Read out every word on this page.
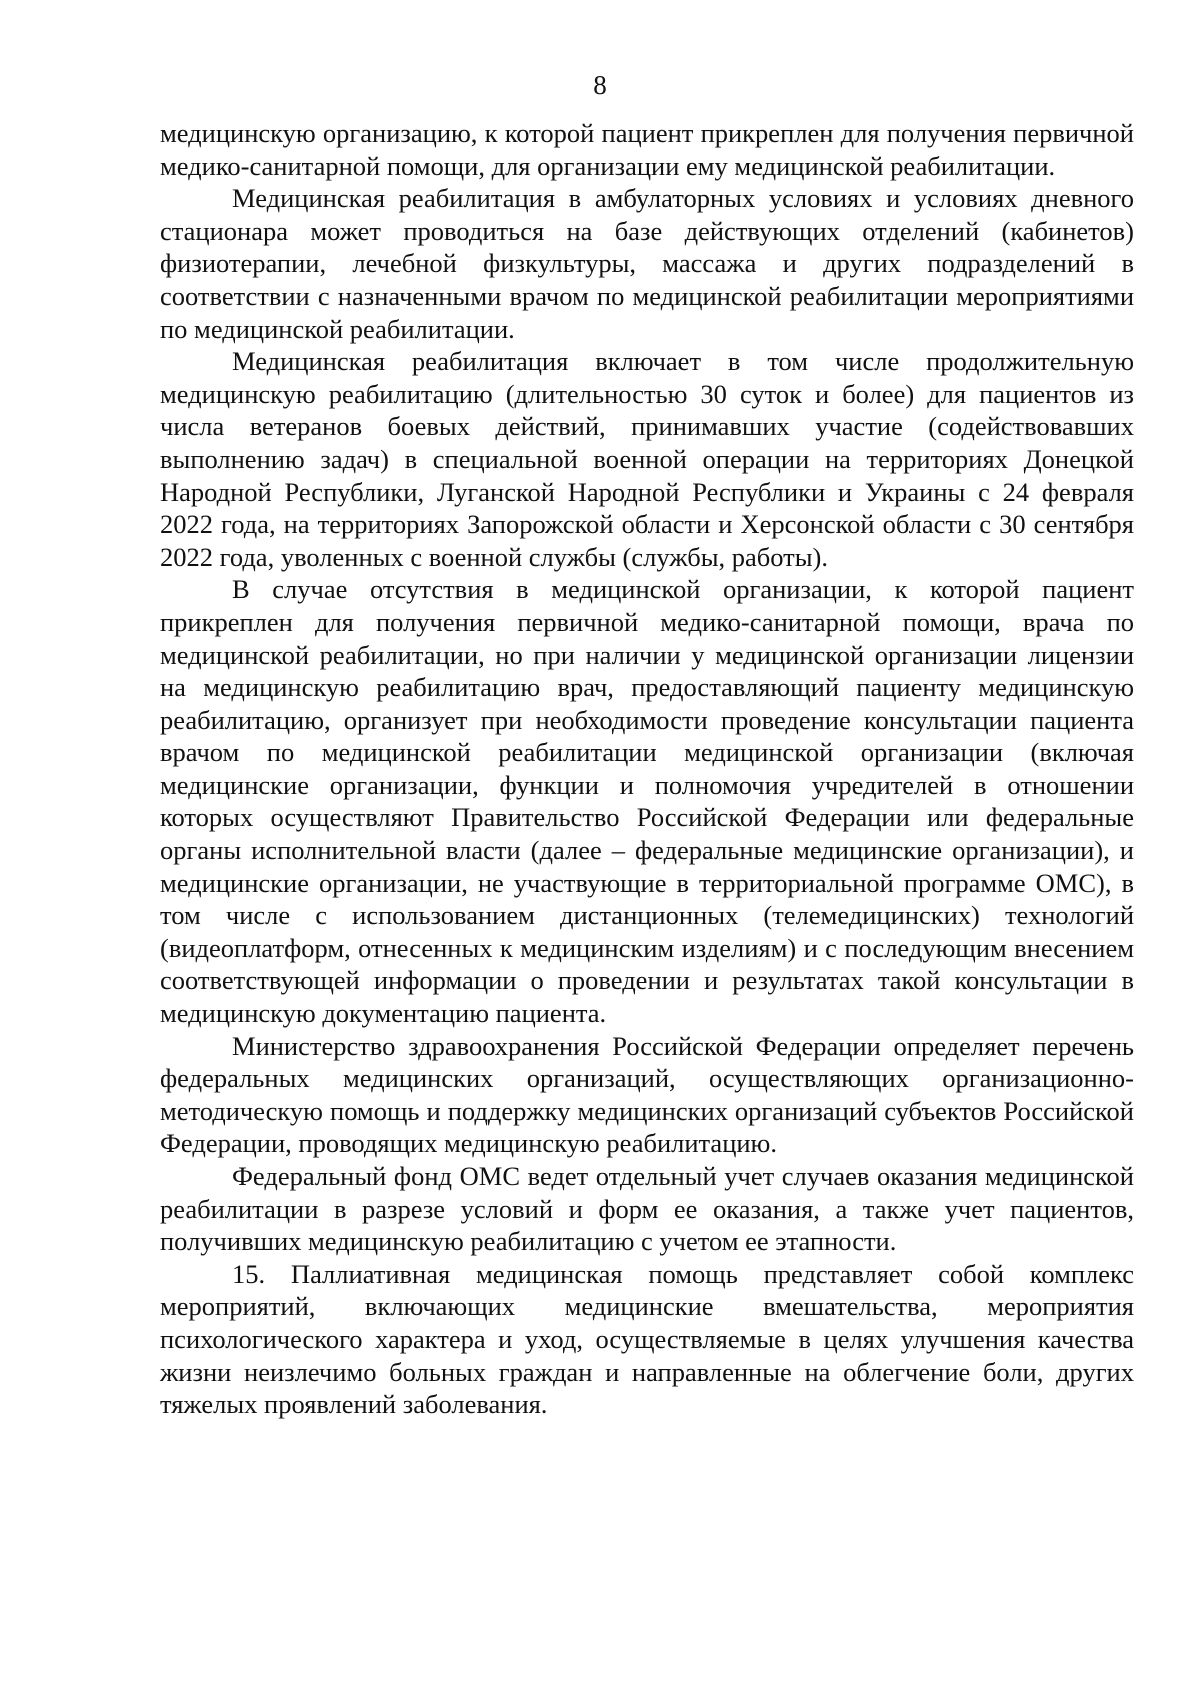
8

медицинскую организацию, к которой пациент прикреплен для получения первичной медико-санитарной помощи, для организации ему медицинской реабилитации.

Медицинская реабилитация в амбулаторных условиях и условиях дневного стационара может проводиться на базе действующих отделений (кабинетов) физиотерапии, лечебной физкультуры, массажа и других подразделений в соответствии с назначенными врачом по медицинской реабилитации мероприятиями по медицинской реабилитации.

Медицинская реабилитация включает в том числе продолжительную медицинскую реабилитацию (длительностью 30 суток и более) для пациентов из числа ветеранов боевых действий, принимавших участие (содействовавших выполнению задач) в специальной военной операции на территориях Донецкой Народной Республики, Луганской Народной Республики и Украины с 24 февраля 2022 года, на территориях Запорожской области и Херсонской области с 30 сентября 2022 года, уволенных с военной службы (службы, работы).

В случае отсутствия в медицинской организации, к которой пациент прикреплен для получения первичной медико-санитарной помощи, врача по медицинской реабилитации, но при наличии у медицинской организации лицензии на медицинскую реабилитацию врач, предоставляющий пациенту медицинскую реабилитацию, организует при необходимости проведение консультации пациента врачом по медицинской реабилитации медицинской организации (включая медицинские организации, функции и полномочия учредителей в отношении которых осуществляют Правительство Российской Федерации или федеральные органы исполнительной власти (далее – федеральные медицинские организации), и медицинские организации, не участвующие в территориальной программе ОМС), в том числе с использованием дистанционных (телемедицинских) технологий (видеоплатформ, отнесенных к медицинским изделиям) и с последующим внесением соответствующей информации о проведении и результатах такой консультации в медицинскую документацию пациента.

Министерство здравоохранения Российской Федерации определяет перечень федеральных медицинских организаций, осуществляющих организационно-методическую помощь и поддержку медицинских организаций субъектов Российской Федерации, проводящих медицинскую реабилитацию.

Федеральный фонд ОМС ведет отдельный учет случаев оказания медицинской реабилитации в разрезе условий и форм ее оказания, а также учет пациентов, получивших медицинскую реабилитацию с учетом ее этапности.

15. Паллиативная медицинская помощь представляет собой комплекс мероприятий, включающих медицинские вмешательства, мероприятия психологического характера и уход, осуществляемые в целях улучшения качества жизни неизлечимо больных граждан и направленные на облегчение боли, других тяжелых проявлений заболевания.
